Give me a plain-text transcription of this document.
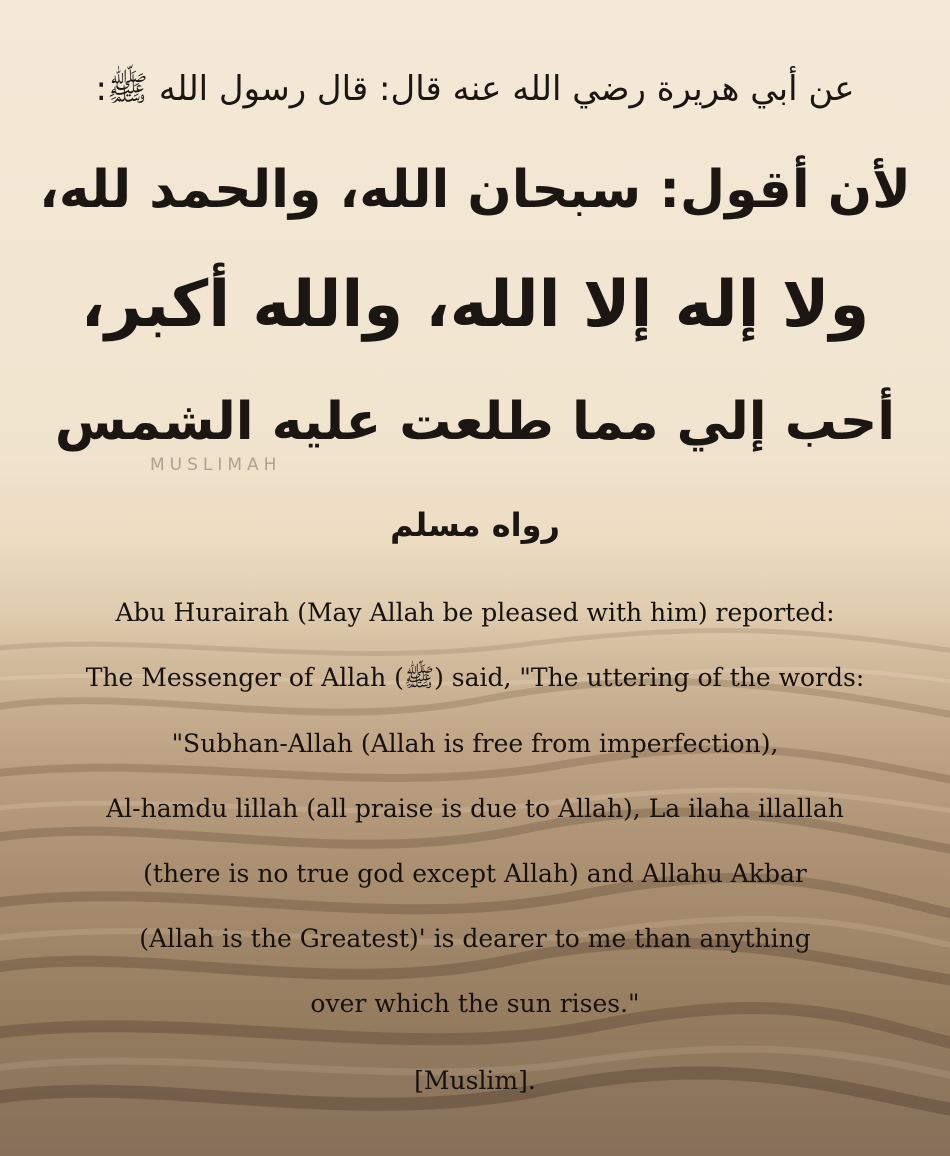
عن أبي هريرة رضي الله عنه قال: قال رسول الله ﷺ:
لأن أقول: سبحان الله، والحمد لله،
ولا إله إلا الله، والله أكبر،
أحب إلي مما طلعت عليه الشمس
MUSLIMAH
رواه مسلم
Abu Hurairah (May Allah be pleased with him) reported:
The Messenger of Allah (ﷺ) said, "The uttering of the words:
"Subhan-Allah (Allah is free from imperfection),
Al-hamdu lillah (all praise is due to Allah), La ilaha illallah
(there is no true god except Allah) and Allahu Akbar
(Allah is the Greatest)' is dearer to me than anything
over which the sun rises."
[Muslim].
